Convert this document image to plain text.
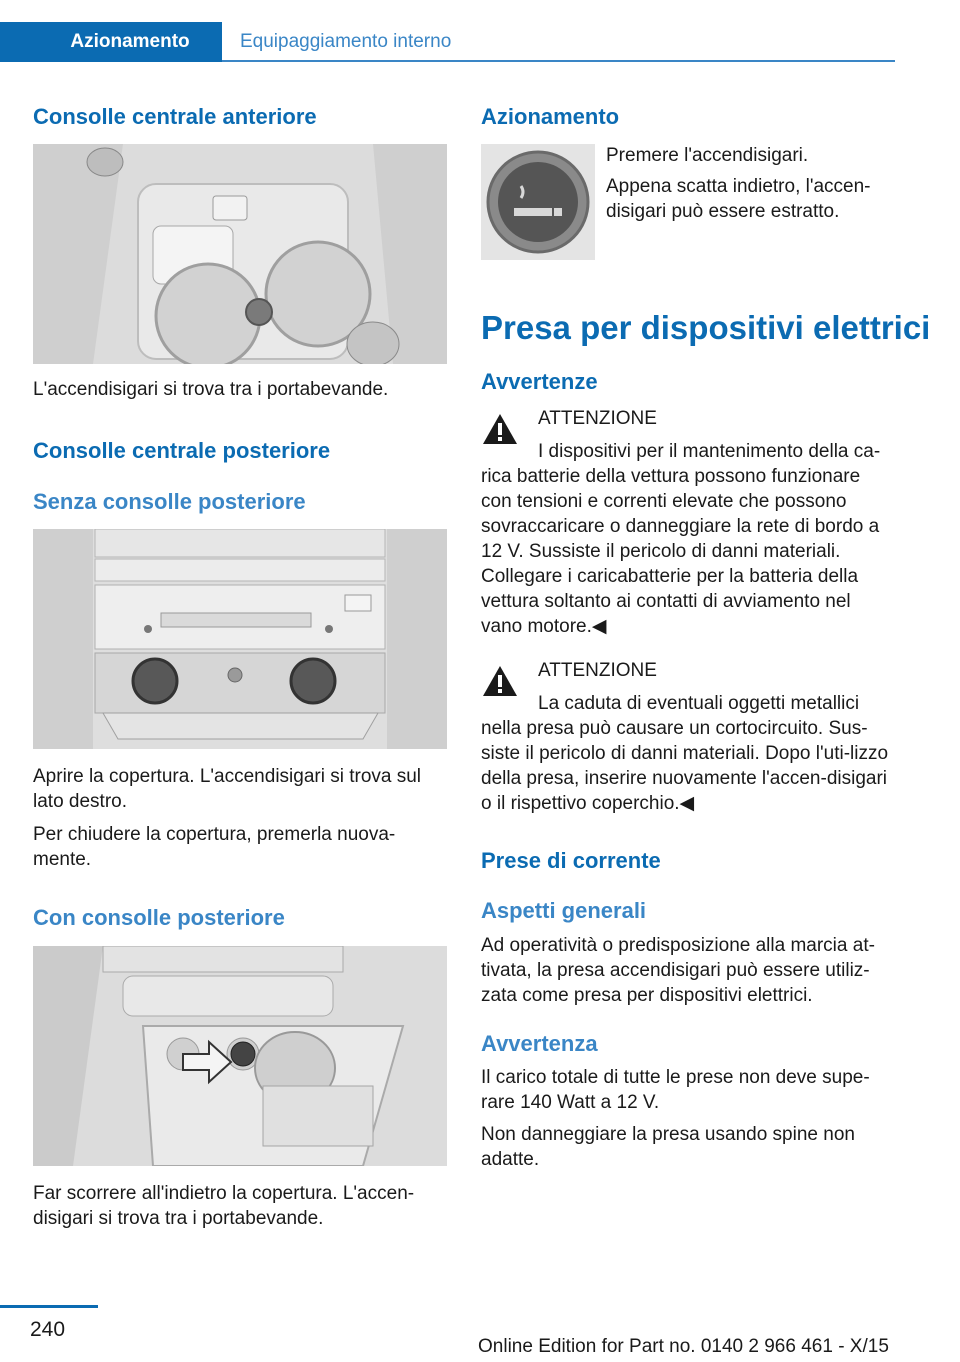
Azionamento	Equipaggiamento interno
Consolle centrale anteriore

L'accendisigari si trova tra i portabevande.

Consolle centrale posteriore
Senza consolle posteriore

Aprire la copertura. L'accendisigari si trova sul lato destro.

Per chiudere la copertura, premerla nuova-mente.

Con consolle posteriore

Far scorrere all'indietro la copertura. L'accen-disigari si trova tra i portabevande.

Azionamento

Premere l'accendisigari.

Appena scatta indietro, l'accen-disigari può essere estratto.

Presa per dispositivi elettrici
Avvertenze

ATTENZIONE

I dispositivi per il mantenimento della ca-rica batterie della vettura possono funzionare con tensioni e correnti elevate che possono sovraccaricare o danneggiare la rete di bordo a 12 V. Sussiste il pericolo di danni materiali. Collegare i caricabatterie per la batteria della vettura soltanto ai contatti di avviamento nel vano motore.◀

ATTENZIONE

La caduta di eventuali oggetti metallici nella presa può causare un cortocircuito. Sus-siste il pericolo di danni materiali. Dopo l'uti-lizzo della presa, inserire nuovamente l'accen-disigari o il rispettivo coperchio.◀

Prese di corrente
Aspetti generali

Ad operatività o predisposizione alla marcia at-tivata, la presa accendisigari può essere utiliz-zata come presa per dispositivi elettrici.

Avvertenza

Il carico totale di tutte le prese non deve supe-rare 140 Watt a 12 V.

Non danneggiare la presa usando spine non adatte.

240
Online Edition for Part no. 0140 2 966 461 - X/15
